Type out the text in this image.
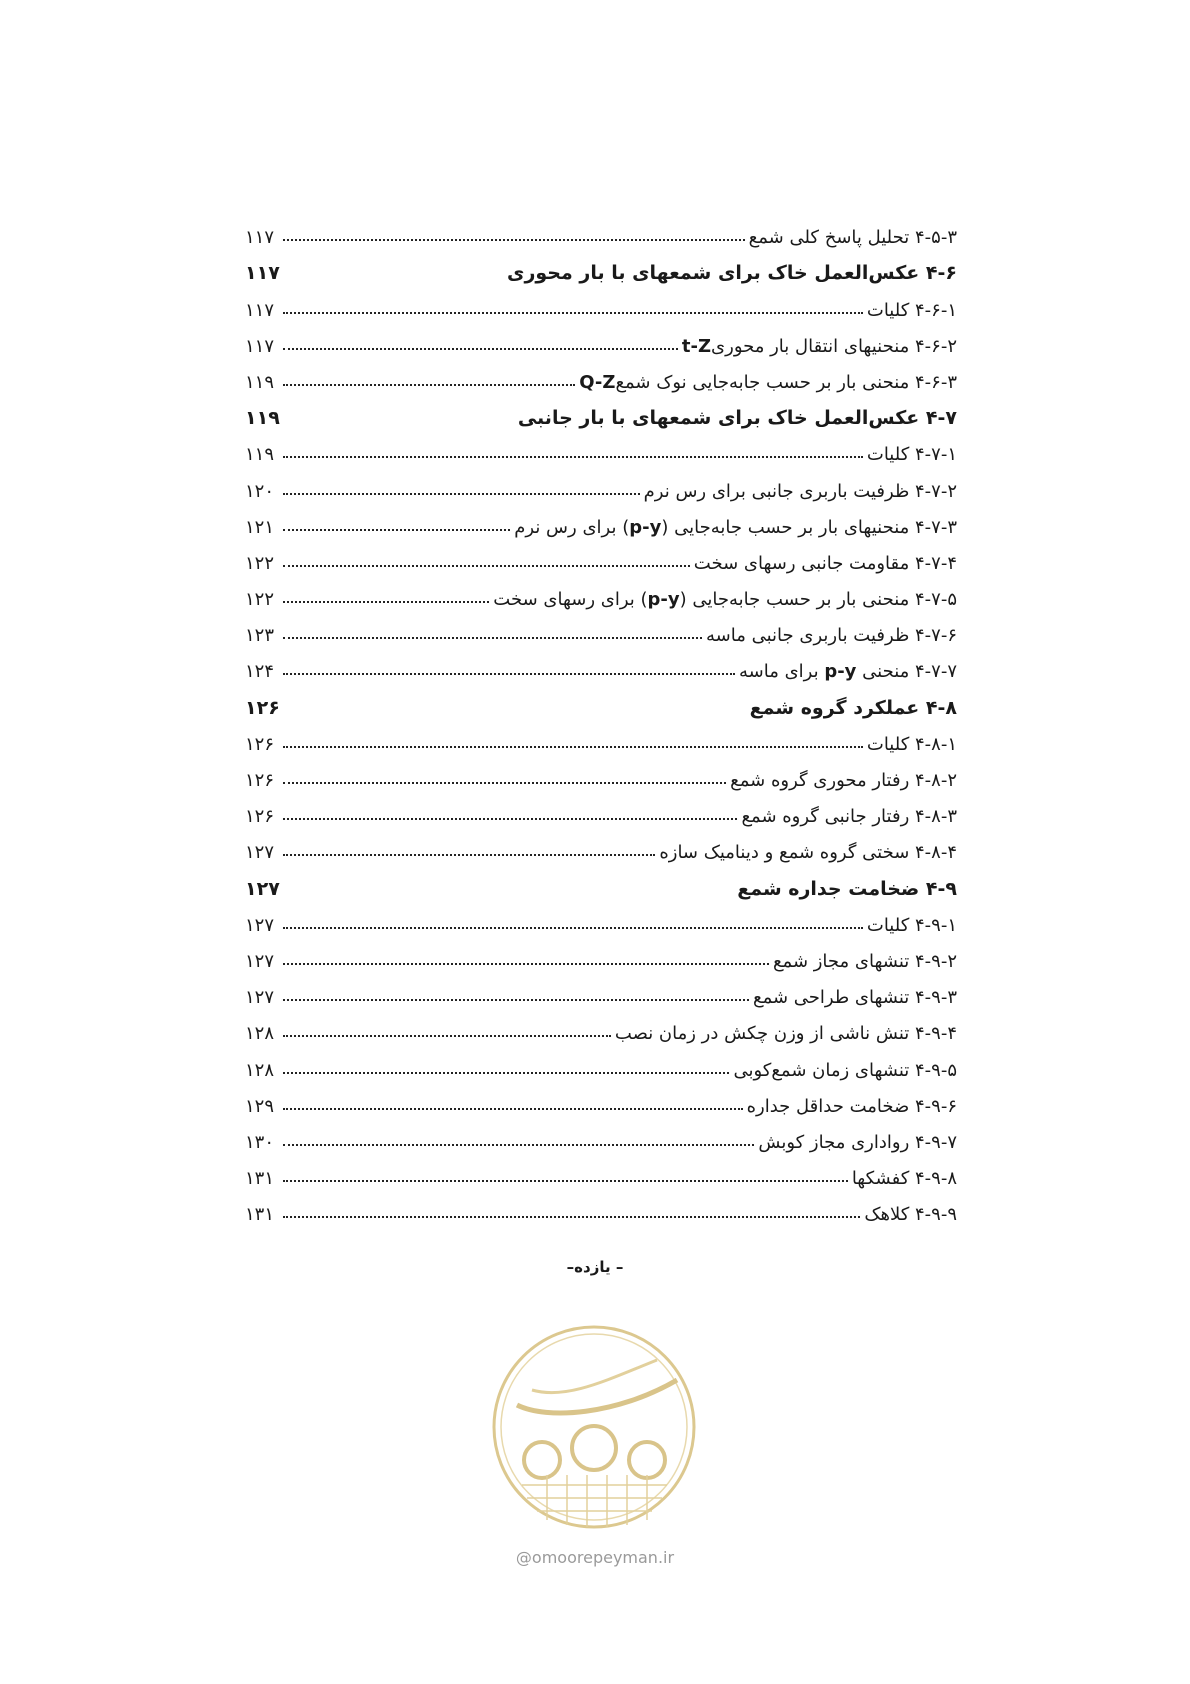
۴-۵-۳ تحلیل پاسخ کلی شمع
۱۱۷
۴-۶ عکس‌العمل خاک برای شمعهای با بار محوری
۱۱۷
۴-۶-۱ کلیات
۱۱۷
۴-۶-۲ منحنیهای انتقال بار محوریt-Z
۱۱۷
۴-۶-۳ منحنی بار بر حسب جابه‌جایی نوک شمعQ-Z
۱۱۹
۴-۷ عکس‌العمل خاک برای شمعهای با بار جانبی
۱۱۹
۴-۷-۱ کلیات
۱۱۹
۴-۷-۲ ظرفیت باربری جانبی برای رس نرم
۱۲۰
۴-۷-۳ منحنیهای بار بر حسب جابه‌جایی (p-y) برای رس نرم
۱۲۱
۴-۷-۴ مقاومت جانبی رسهای سخت
۱۲۲
۴-۷-۵ منحنی بار بر حسب جابه‌جایی (p-y) برای رسهای سخت
۱۲۲
۴-۷-۶ ظرفیت باربری جانبی ماسه
۱۲۳
۴-۷-۷ منحنی p-y برای ماسه
۱۲۴
۴-۸ عملکرد گروه شمع
۱۲۶
۴-۸-۱ کلیات
۱۲۶
۴-۸-۲ رفتار محوری گروه شمع
۱۲۶
۴-۸-۳ رفتار جانبی گروه شمع
۱۲۶
۴-۸-۴ سختی گروه شمع و دینامیک سازه
۱۲۷
۴-۹ ضخامت جداره شمع
۱۲۷
۴-۹-۱ کلیات
۱۲۷
۴-۹-۲ تنشهای مجاز شمع
۱۲۷
۴-۹-۳ تنشهای طراحی شمع
۱۲۷
۴-۹-۴ تنش ناشی از وزن چکش در زمان نصب
۱۲۸
۴-۹-۵ تنشهای زمان شمع‌کوبی
۱۲۸
۴-۹-۶ ضخامت حداقل جداره
۱۲۹
۴-۹-۷ رواداری مجاز کوبش
۱۳۰
۴-۹-۸ کفشکها
۱۳۱
۴-۹-۹ کلاهک
۱۳۱
– یازده–
@omoorepeyman.ir
